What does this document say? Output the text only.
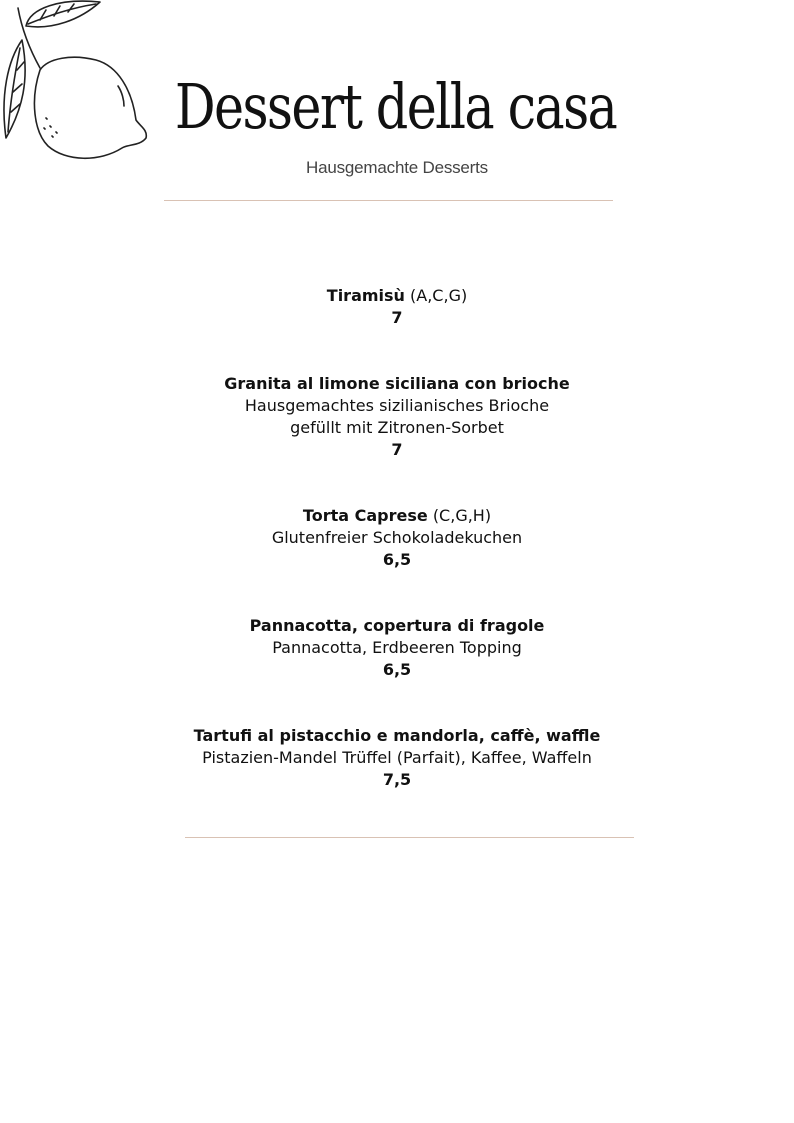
Dessert della casa
Hausgemachte Desserts
Tiramisù (A,C,G)
7
Granita al limone siciliana con brioche
Hausgemachtes sizilianisches Brioche
gefüllt mit Zitronen-Sorbet
7
Torta Caprese (C,G,H)
Glutenfreier Schokoladekuchen
6,5
Pannacotta, copertura di fragole
Pannacotta, Erdbeeren Topping
6,5
Tartufi al pistacchio e mandorla, caffè, waffle
Pistazien-Mandel Trüffel (Parfait), Kaffee, Waffeln
7,5
